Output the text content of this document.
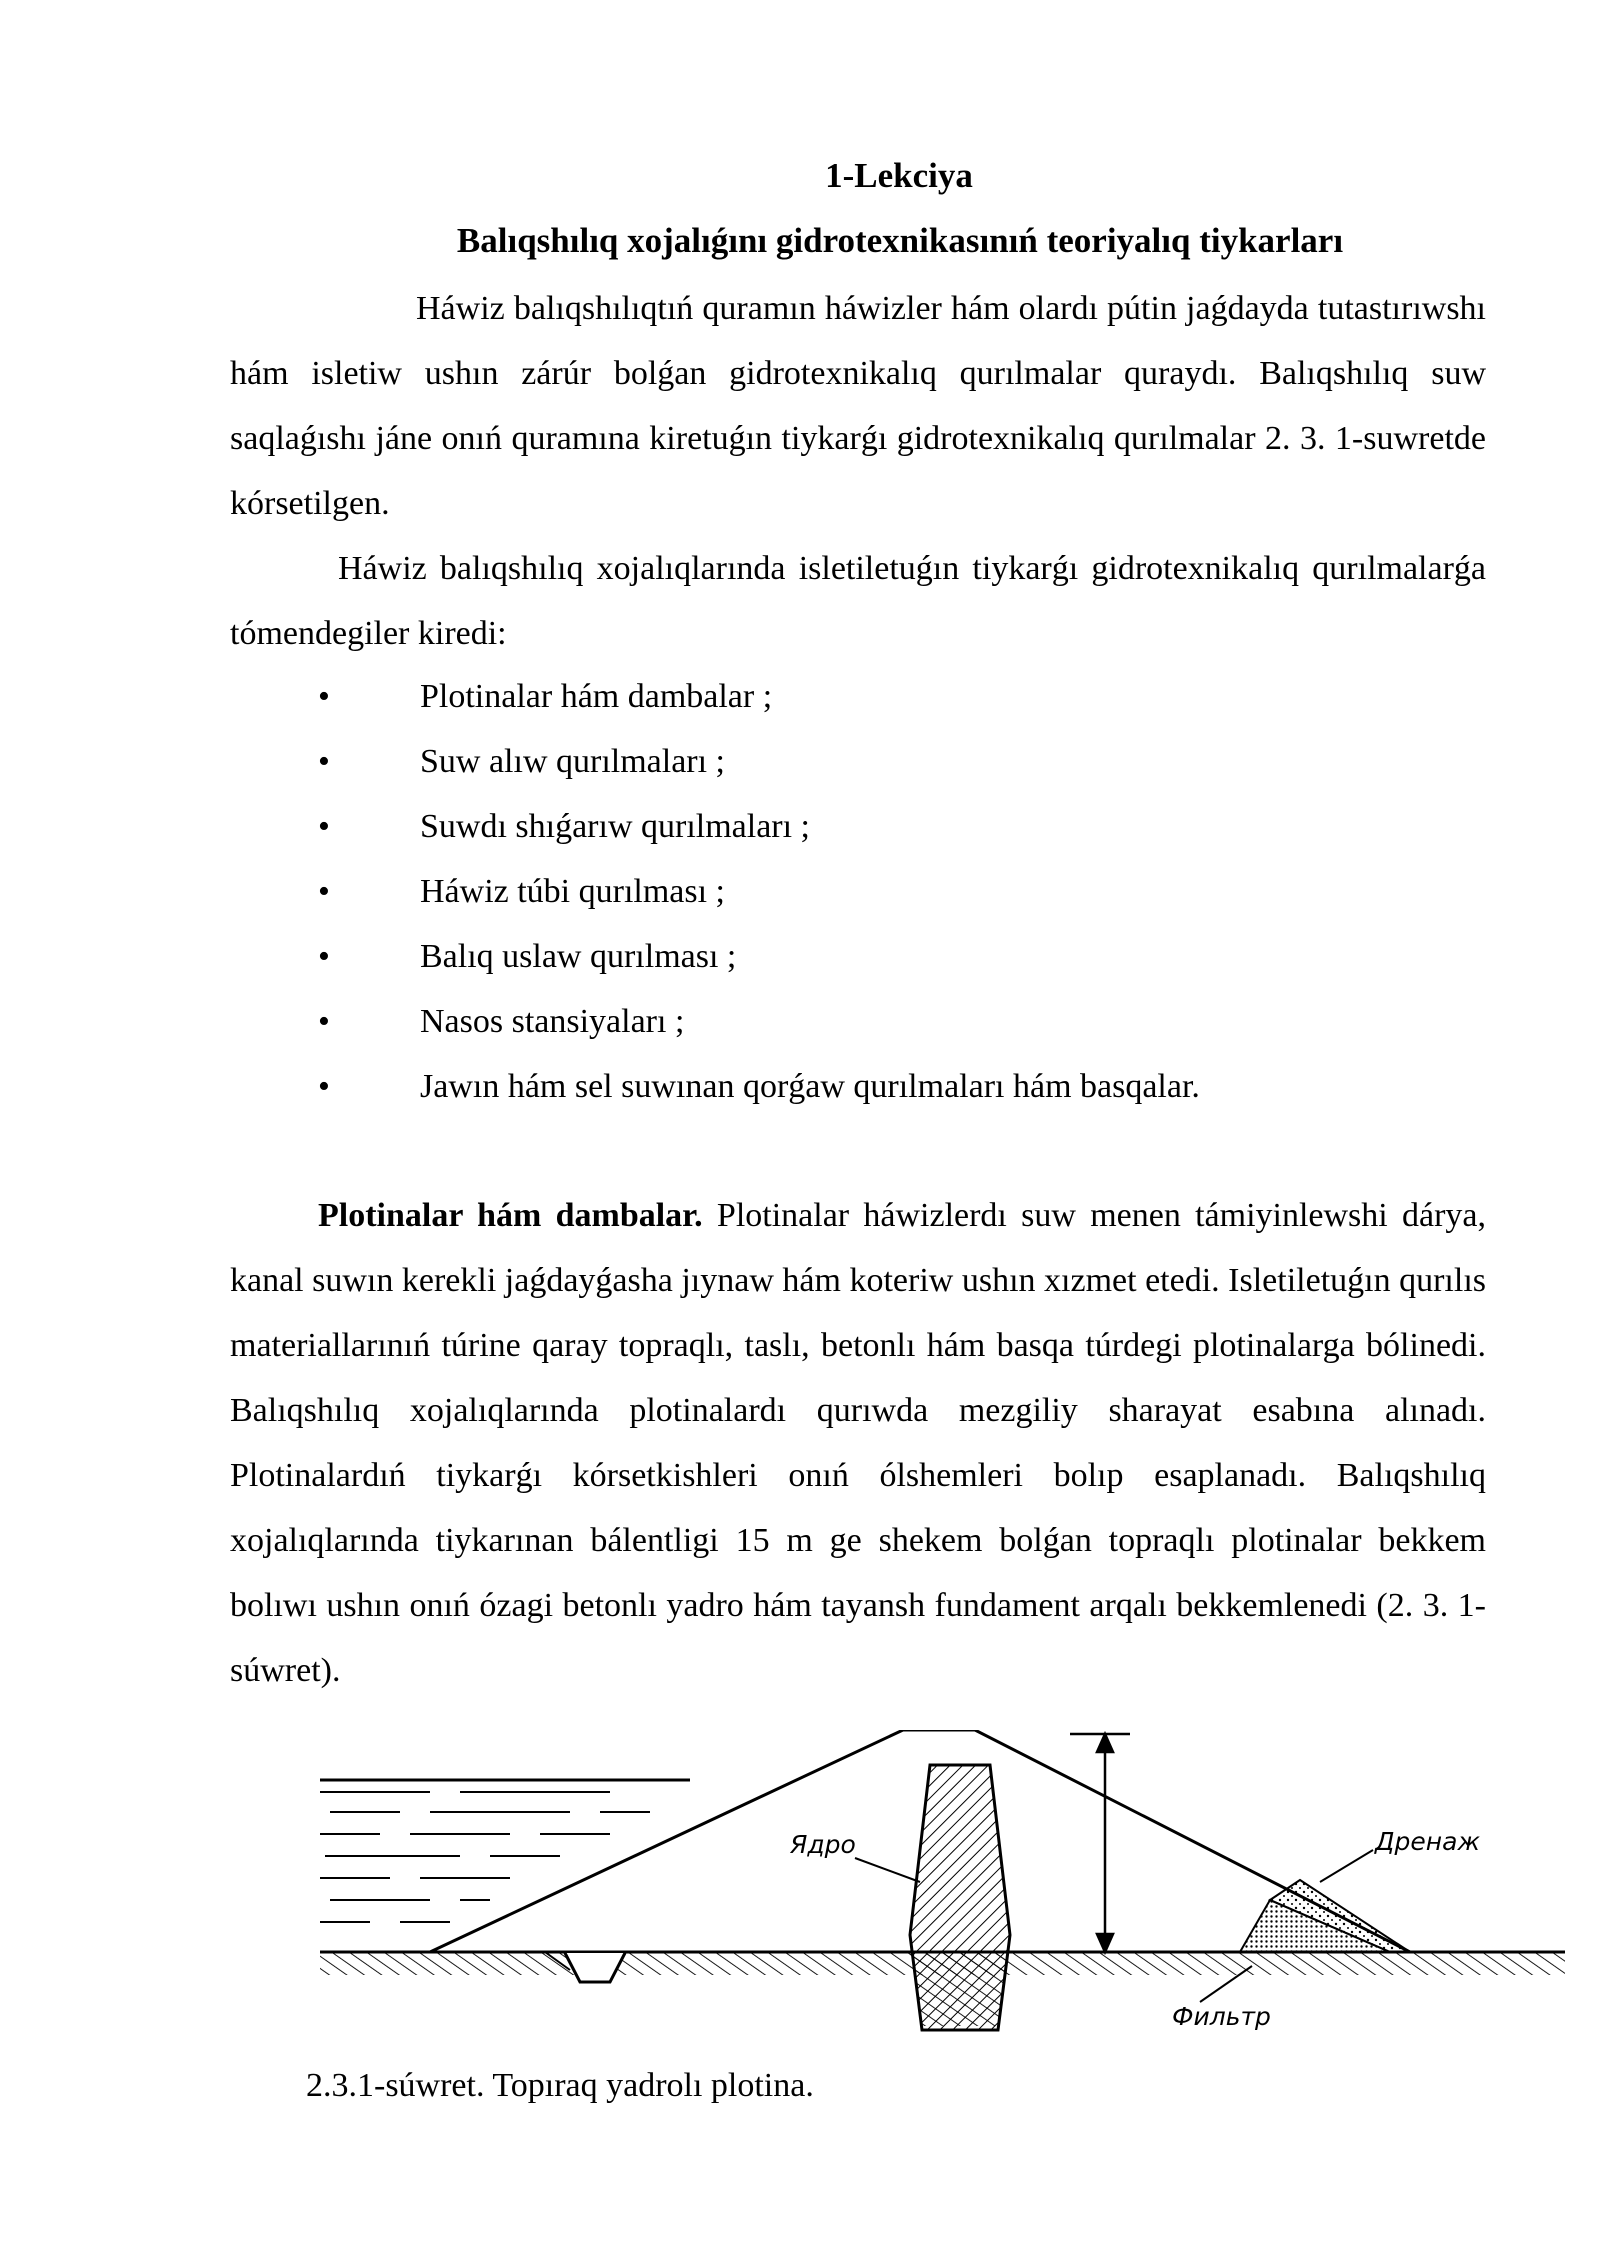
1-Lekciya
Balıqshılıq xojalıǵını gidrotexnikasınıń teoriyalıq tiykarları

Háwiz balıqshılıqtıń quramın háwizler hám olardı pútin jaǵdayda tutastırıwshı hám isletiw ushın zárúr bolǵan gidrotexnikalıq qurılmalar quraydı. Balıqshılıq suw saqlaǵıshı jáne onıń quramına kiretuǵın tiykarǵı gidrotexnikalıq qurılmalar 2. 3. 1-suwretde kórsetilgen.

Háwiz balıqshılıq xojalıqlarında isletiletuǵın tiykarǵı gidrotexnikalıq qurılmalarǵa tómendegiler kiredi:

•	Plotinalar hám dambalar ;
•	Suw alıw qurılmaları ;
•	Suwdı shıǵarıw qurılmaları ;
•	Háwiz túbi qurılması ;
•	Balıq uslaw qurılması ;
•	Nasos stansiyaları ;
•	Jawın hám sel suwınan qorǵaw qurılmaları hám basqalar.

Plotinalar hám dambalar. Plotinalar háwizlerdı suw menen támiyinlewshi dárya, kanal suwın kerekli jaǵdayǵasha jıynaw hám koteriw ushın xızmet etedi. Isletiletuǵın qurılıs materiallarınıń túrine qaray topraqlı, taslı, betonlı hám basqa túrdegi plotinalarga bólinedi. Balıqshılıq xojalıqlarında plotinalardı qurıwda mezgiliy sharayat esabına alınadı. Plotinalardıń tiykarǵı kórsetkishleri onıń ólshemleri bolıp esaplanadı. Balıqshılıq xojalıqlarında tiykarınan bálentligi 15 m ge shekem bolǵan topraqlı plotinalar bekkem bolıwı ushın onıń ózagi betonlı yadro hám tayansh fundament arqalı bekkemlenedi (2. 3. 1-súwret).

Ядро	Дренаж
Фильтр
2.3.1-súwret. Topıraq yadrolı plotina.
